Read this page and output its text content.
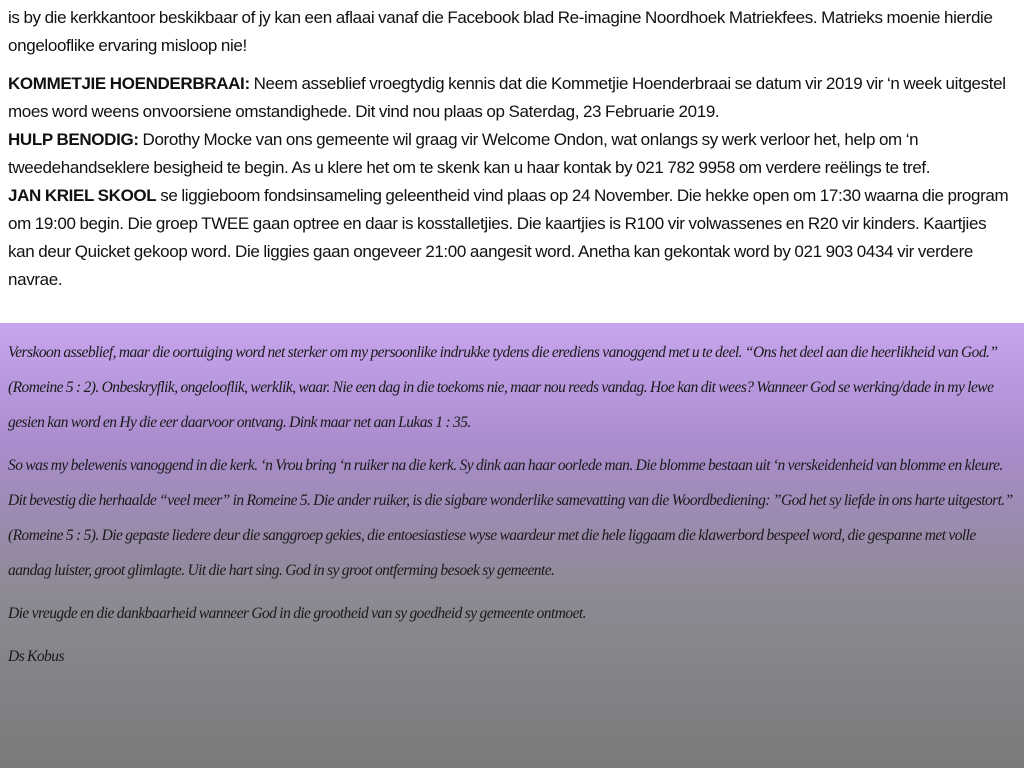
is by die kerkkantoor beskikbaar of jy kan een aflaai vanaf die Facebook blad Re-imagine Noordhoek Matriekfees. Matrieks moenie hierdie ongelooflike ervaring misloop nie!

KOMMETJIE HOENDERBRAAI: Neem asseblief vroegtydig kennis dat die Kommetjie Hoenderbraai se datum vir 2019 vir ‘n week uitgestel moes word weens onvoorsiene omstandighede. Dit vind nou plaas op Saterdag, 23 Februarie 2019.

HULP BENODIG: Dorothy Mocke van ons gemeente wil graag vir Welcome Ondon, wat onlangs sy werk verloor het, help om ‘n tweedehandseklere besigheid te begin. As u klere het om te skenk kan u haar kontak by 021 782 9958 om verdere reëlings te tref.

JAN KRIEL SKOOL se liggieboom fondsinsameling geleentheid vind plaas op 24 November. Die hekke open om 17:30 waarna die program om 19:00 begin. Die groep TWEE gaan optree en daar is kosstalletjies. Die kaartjies is R100 vir volwassenes en R20 vir kinders. Kaartjies kan deur Quicket gekoop word. Die liggies gaan ongeveer 21:00 aangesit word. Anetha kan gekontak word by 021 903 0434 vir verdere navrae.

Verskoon asseblief, maar die oortuiging word net sterker om my persoonlike indrukke tydens die erediens vanoggend met u te deel. “Ons het deel aan die heerlikheid van God.” (Romeine 5 : 2). Onbeskryflik, ongelooflik, werklik, waar. Nie een dag in die toekoms nie, maar nou reeds vandag. Hoe kan dit wees? Wanneer God se werking/dade in my lewe gesien kan word en Hy die eer daarvoor ontvang. Dink maar net aan Lukas 1 : 35.

So was my belewenis vanoggend in die kerk. ‘n Vrou bring ‘n ruiker na die kerk. Sy dink aan haar oorlede man. Die blomme bestaan uit ‘n verskeidenheid van blomme en kleure. Dit bevestig die herhaalde “veel meer” in Romeine 5. Die ander ruiker, is die sigbare wonderlike samevatting van die Woordbediening: ”God het sy liefde in ons harte uitgestort.” (Romeine 5 : 5). Die gepaste liedere deur die sanggroep gekies, die entoesiastiese wyse waardeur met die hele liggaam die klawerbord bespeel word, die gespanne met volle aandag luister, groot glimlagte. Uit die hart sing. God in sy groot ontferming besoek sy gemeente.

Die vreugde en die dankbaarheid wanneer God in die grootheid van sy goedheid sy gemeente ontmoet.

Ds Kobus
